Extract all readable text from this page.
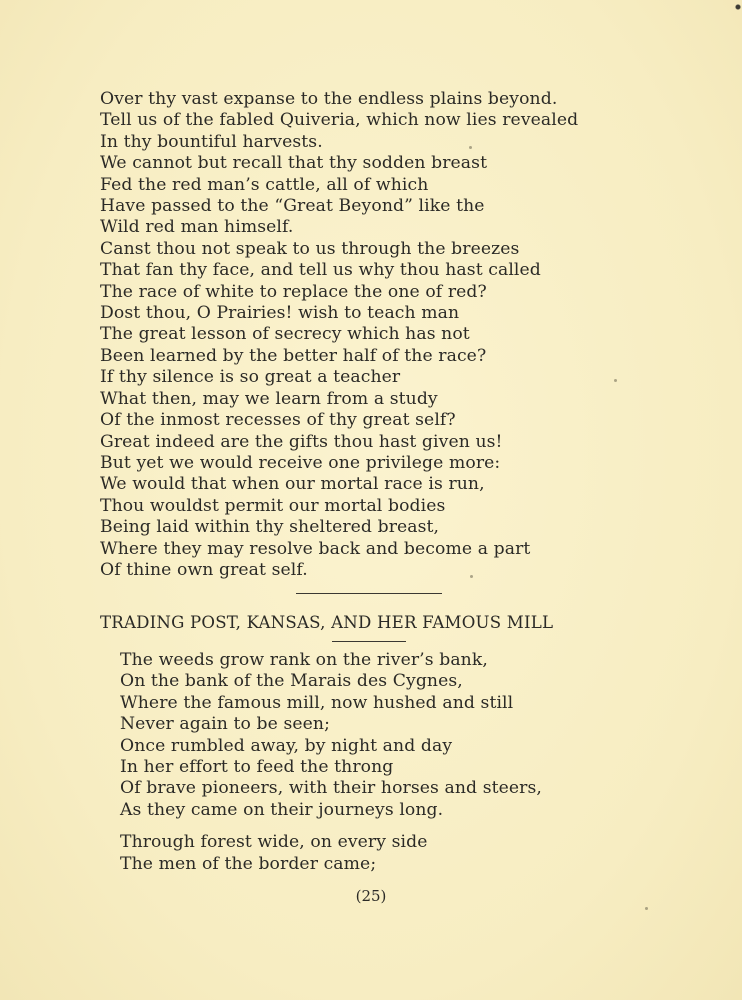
Over thy vast expanse to the endless plains beyond.
Tell us of the fabled Quiveria, which now lies revealed
In thy bountiful harvests.
We cannot but recall that thy sodden breast
Fed the red man’s cattle, all of which
Have passed to the “Great Beyond” like the
Wild red man himself.
Canst thou not speak to us through the breezes
That fan thy face, and tell us why thou hast called
The race of white to replace the one of red?
Dost thou, O Prairies! wish to teach man
The great lesson of secrecy which has not
Been learned by the better half of the race?
If thy silence is so great a teacher
What then, may we learn from a study
Of the inmost recesses of thy great self?
Great indeed are the gifts thou hast given us!
But yet we would receive one privilege more:
We would that when our mortal race is run,
Thou wouldst permit our mortal bodies
Being laid within thy sheltered breast,
Where they may resolve back and become a part
Of thine own great self.
TRADING POST, KANSAS, AND HER FAMOUS MILL
The weeds grow rank on the river’s bank,
On the bank of the Marais des Cygnes,
Where the famous mill, now hushed and still
Never again to be seen;
Once rumbled away, by night and day
In her effort to feed the throng
Of brave pioneers, with their horses and steers,
As they came on their journeys long.
Through forest wide, on every side
The men of the border came;
(25)
